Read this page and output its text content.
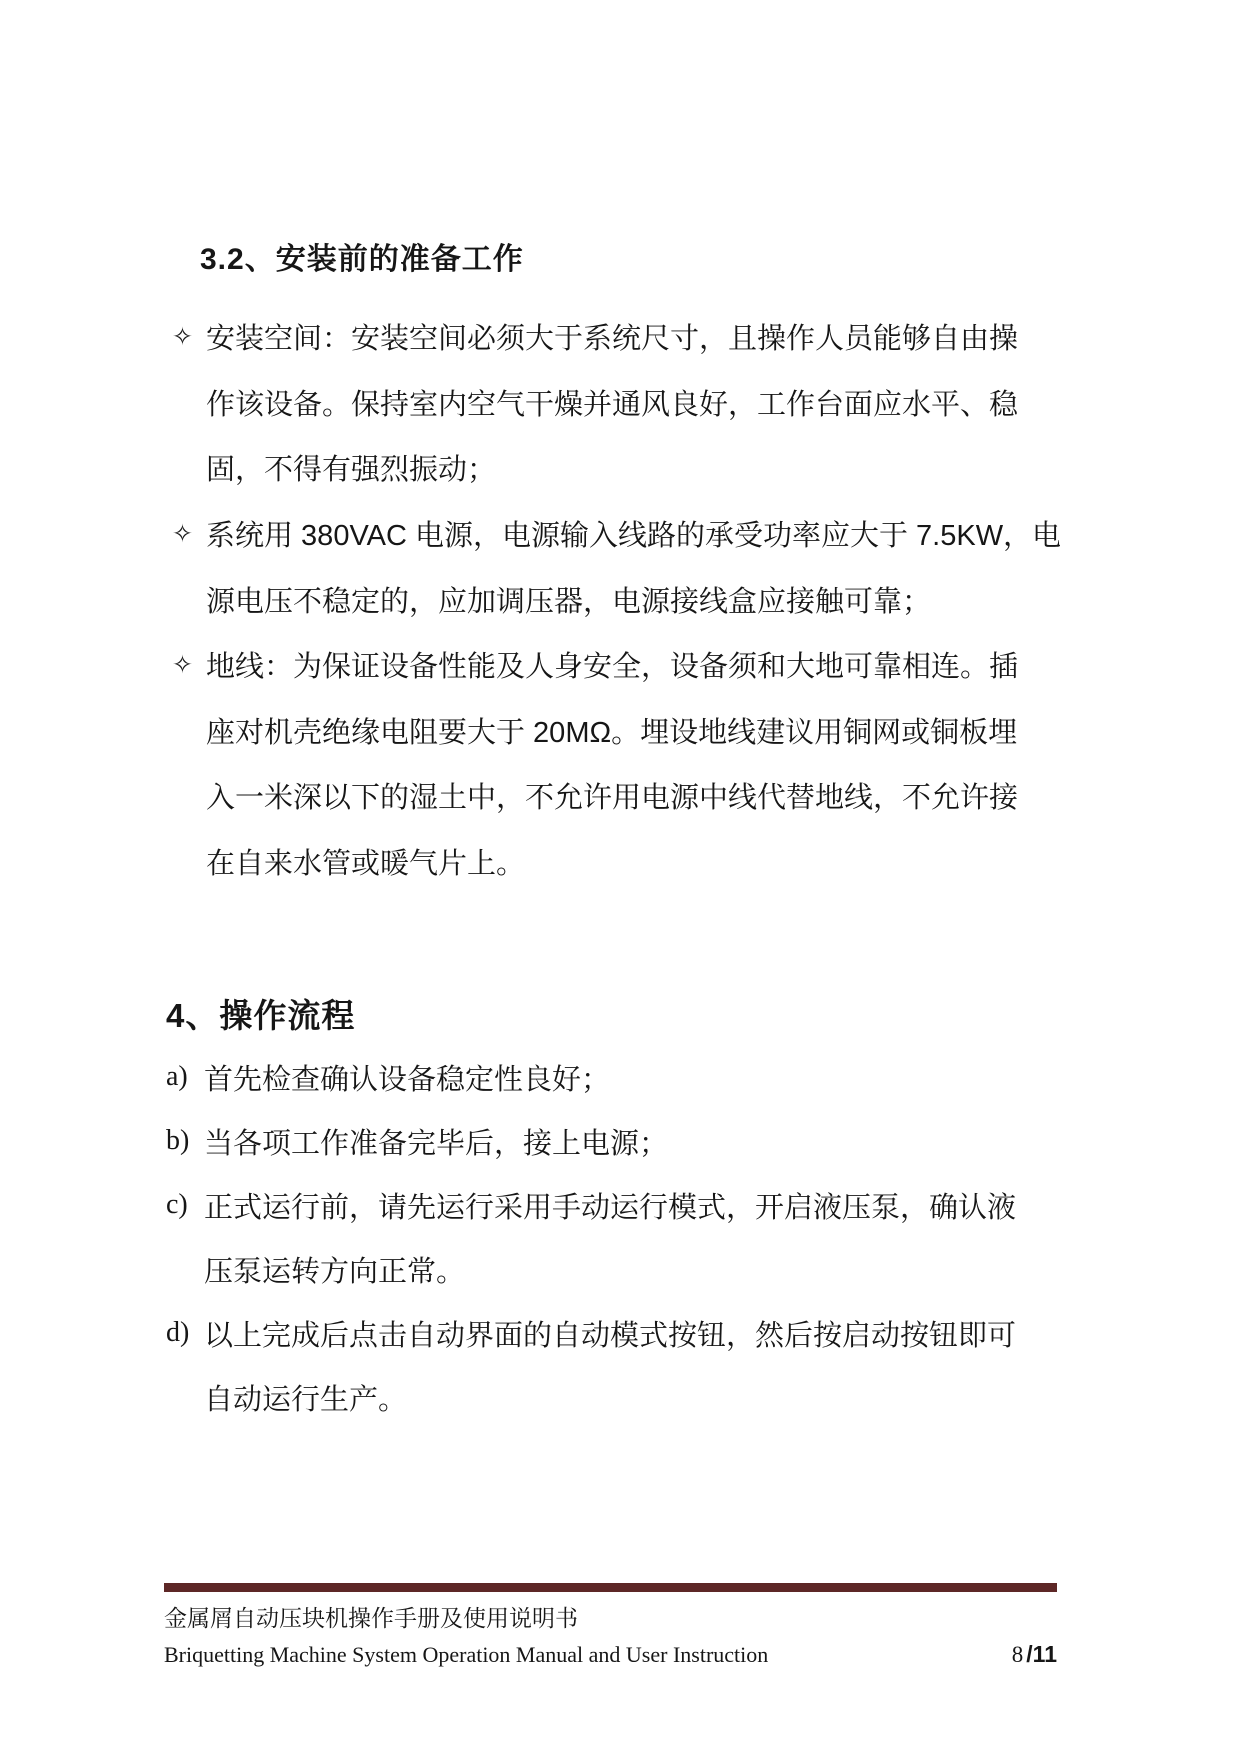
3.2、安装前的准备工作
✧ 安装空间：安装空间必须大于系统尺寸，且操作人员能够自由操
作该设备。保持室内空气干燥并通风良好，工作台面应水平、稳
固，不得有强烈振动；
✧ 系统用 380VAC 电源，电源输入线路的承受功率应大于 7.5KW，电
源电压不稳定的，应加调压器，电源接线盒应接触可靠；
✧ 地线：为保证设备性能及人身安全，设备须和大地可靠相连。插
座对机壳绝缘电阻要大于 20MΩ。埋设地线建议用铜网或铜板埋
入一米深以下的湿土中，不允许用电源中线代替地线，不允许接
在自来水管或暖气片上。
4、操作流程
a) 首先检查确认设备稳定性良好；
b) 当各项工作准备完毕后，接上电源；
c) 正式运行前，请先运行采用手动运行模式，开启液压泵，确认液
压泵运转方向正常。
d) 以上完成后点击自动界面的自动模式按钮，然后按启动按钮即可
自动运行生产。
金属屑自动压块机操作手册及使用说明书
Briquetting Machine System Operation Manual and User Instruction	8 /11
